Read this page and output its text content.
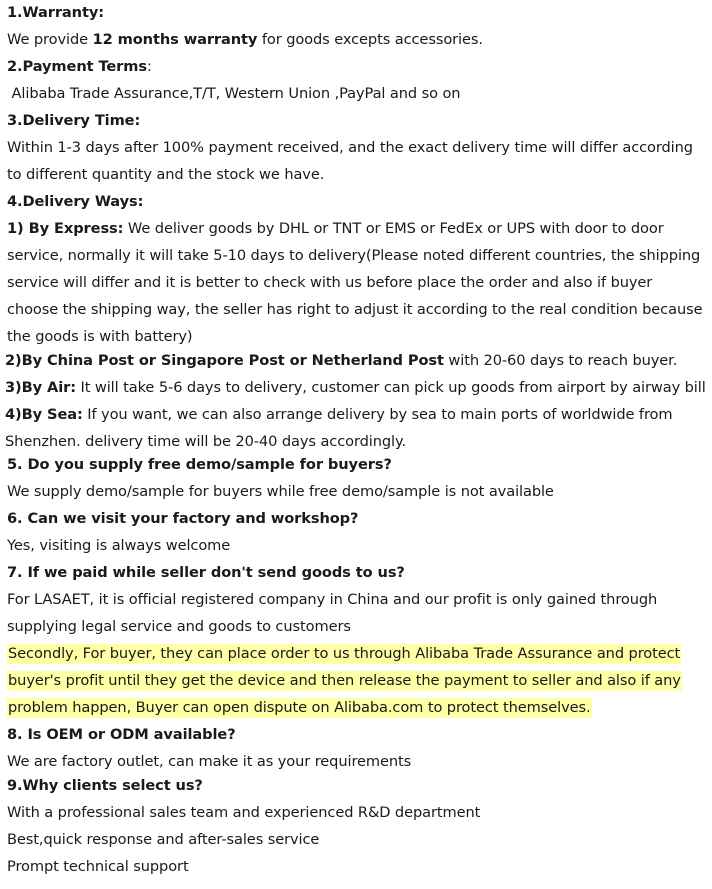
1.Warranty:
We provide 12 months warranty for goods excepts accessories.
2.Payment Terms:
Alibaba Trade Assurance,T/T, Western Union ,PayPal and so on
3.Delivery Time:
Within 1-3 days after 100% payment received, and the exact delivery time will differ according
to different quantity and the stock we have.
4.Delivery Ways:
1) By Express: We deliver goods by DHL or TNT or EMS or FedEx or UPS with door to door
service, normally it will take 5-10 days to delivery(Please noted different countries, the shipping
service will differ and it is better to check with us before place the order and also if buyer
choose the shipping way, the seller has right to adjust it according to the real condition because
the goods is with battery)
2)By China Post or Singapore Post or Netherland Post with 20-60 days to reach buyer.
3)By Air: It will take 5-6 days to delivery, customer can pick up goods from airport by airway bill
4)By Sea: If you want, we can also arrange delivery by sea to main ports of worldwide from
Shenzhen. delivery time will be 20-40 days accordingly.
5. Do you supply free demo/sample for buyers?
We supply demo/sample for buyers while free demo/sample is not available
6. Can we visit your factory and workshop?
Yes, visiting is always welcome
7. If we paid while seller don't send goods to us?
For LASAET, it is official registered company in China and our profit is only gained through
supplying legal service and goods to customers
Secondly, For buyer, they can place order to us through Alibaba Trade Assurance and protect
buyer's profit until they get the device and then release the payment to seller and also if any
problem happen, Buyer can open dispute on Alibaba.com to protect themselves.
8. Is OEM or ODM available?
We are factory outlet, can make it as your requirements
9.Why clients select us?
With a professional sales team and experienced R&D department
Best,quick response and after-sales service
Prompt technical support
